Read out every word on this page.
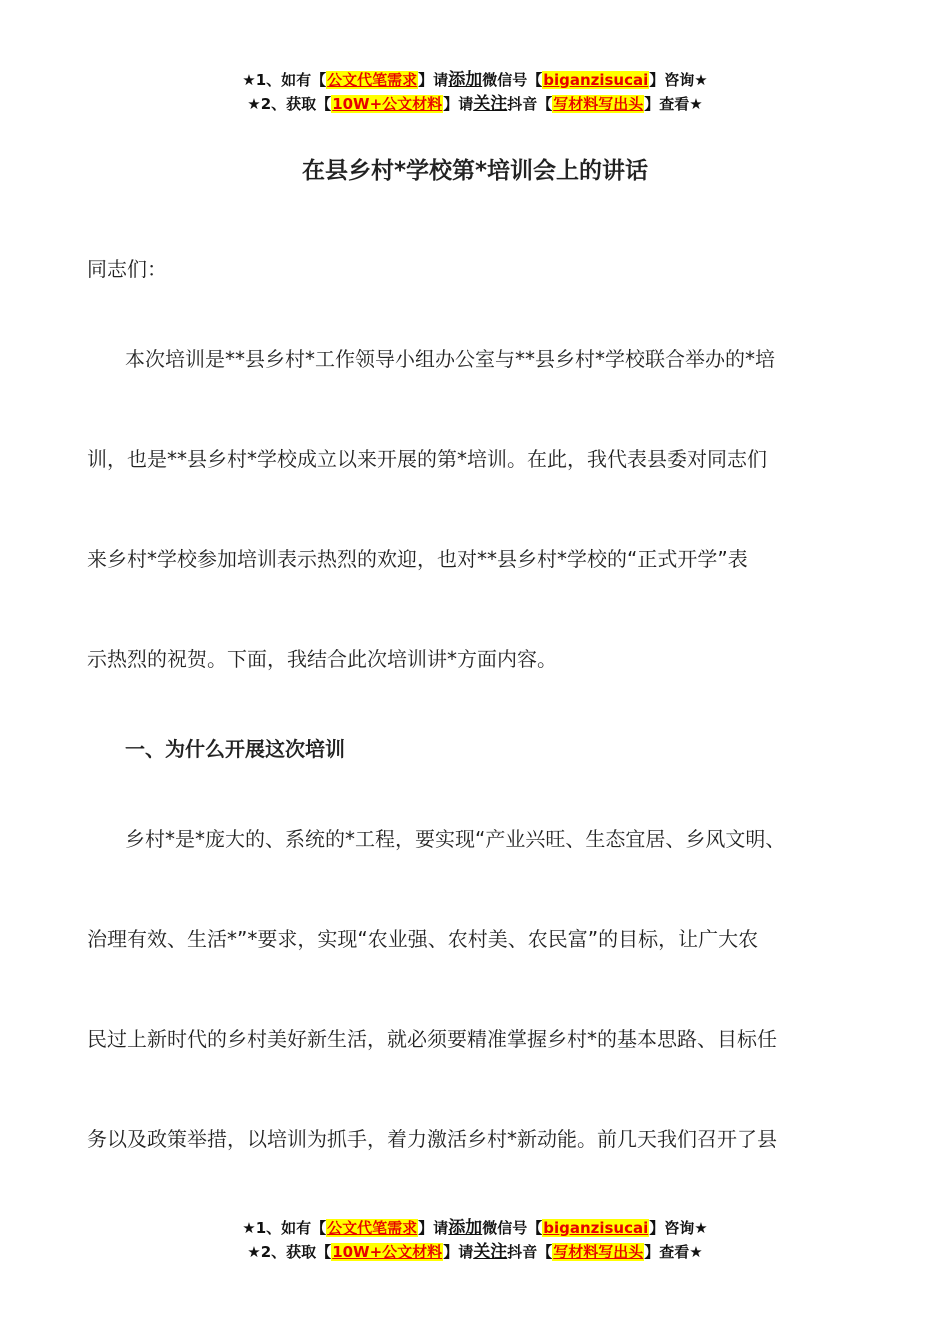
★1、如有【公文代笔需求】请添加微信号【biganzisucai】咨询★
★2、获取【10W+公文材料】请关注抖音【写材料写出头】查看★
在县乡村*学校第*培训会上的讲话

同志们：

本次培训是**县乡村*工作领导小组办公室与**县乡村*学校联合举办的*培

训，也是**县乡村*学校成立以来开展的第*培训。在此，我代表县委对同志们

来乡村*学校参加培训表示热烈的欢迎，也对**县乡村*学校的“正式开学”表

示热烈的祝贺。下面，我结合此次培训讲*方面内容。

一、为什么开展这次培训

乡村*是*庞大的、系统的*工程，要实现“产业兴旺、生态宜居、乡风文明、

治理有效、生活*”*要求，实现“农业强、农村美、农民富”的目标，让广大农

民过上新时代的乡村美好新生活，就必须要精准掌握乡村*的基本思路、目标任

务以及政策举措，以培训为抓手，着力激活乡村*新动能。前几天我们召开了县

★1、如有【公文代笔需求】请添加微信号【biganzisucai】咨询★
★2、获取【10W+公文材料】请关注抖音【写材料写出头】查看★
